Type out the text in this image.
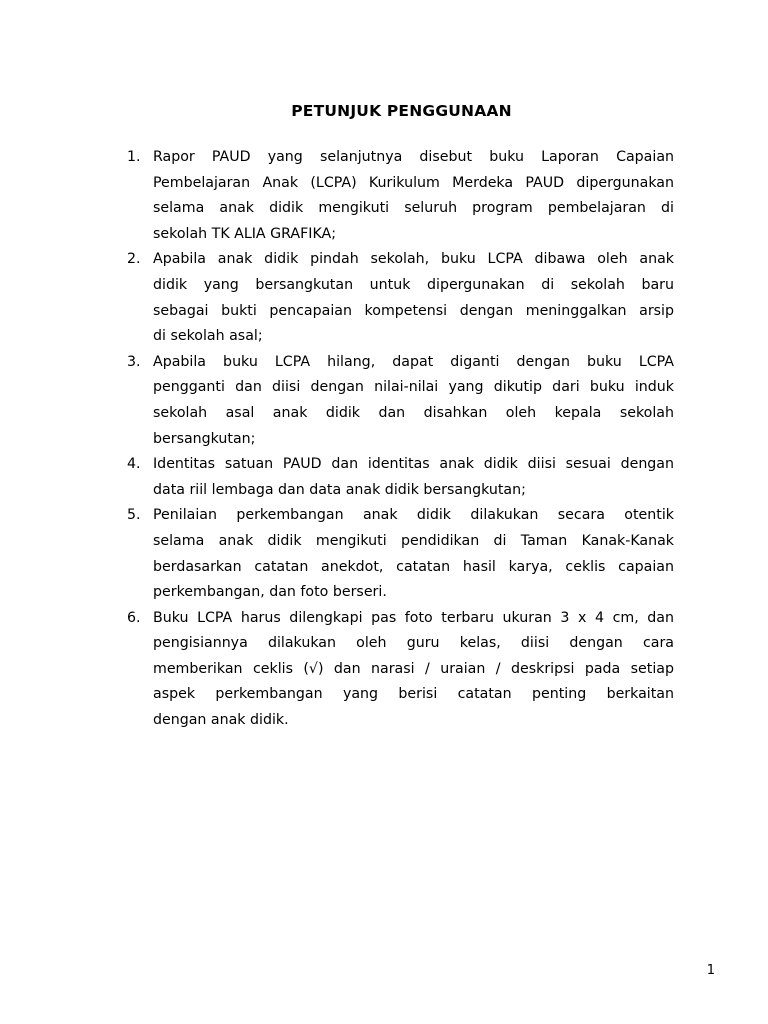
PETUNJUK PENGGUNAAN
1. Rapor PAUD yang selanjutnya disebut buku Laporan Capaian
Pembelajaran Anak (LCPA) Kurikulum Merdeka PAUD dipergunakan
selama anak didik mengikuti seluruh program pembelajaran di
sekolah TK ALIA GRAFIKA;
2. Apabila anak didik pindah sekolah, buku LCPA dibawa oleh anak
didik yang bersangkutan untuk dipergunakan di sekolah baru
sebagai bukti pencapaian kompetensi dengan meninggalkan arsip
di sekolah asal;
3. Apabila buku LCPA hilang, dapat diganti dengan buku LCPA
pengganti dan diisi dengan nilai-nilai yang dikutip dari buku induk
sekolah asal anak didik dan disahkan oleh kepala sekolah
bersangkutan;
4. Identitas satuan PAUD dan identitas anak didik diisi sesuai dengan
data riil lembaga dan data anak didik bersangkutan;
5. Penilaian perkembangan anak didik dilakukan secara otentik
selama anak didik mengikuti pendidikan di Taman Kanak-Kanak
berdasarkan catatan anekdot, catatan hasil karya, ceklis capaian
perkembangan, dan foto berseri.
6. Buku LCPA harus dilengkapi pas foto terbaru ukuran 3 x 4 cm, dan
pengisiannya dilakukan oleh guru kelas, diisi dengan cara
memberikan ceklis (√) dan narasi / uraian / deskripsi pada setiap
aspek perkembangan yang berisi catatan penting berkaitan
dengan anak didik.
1
